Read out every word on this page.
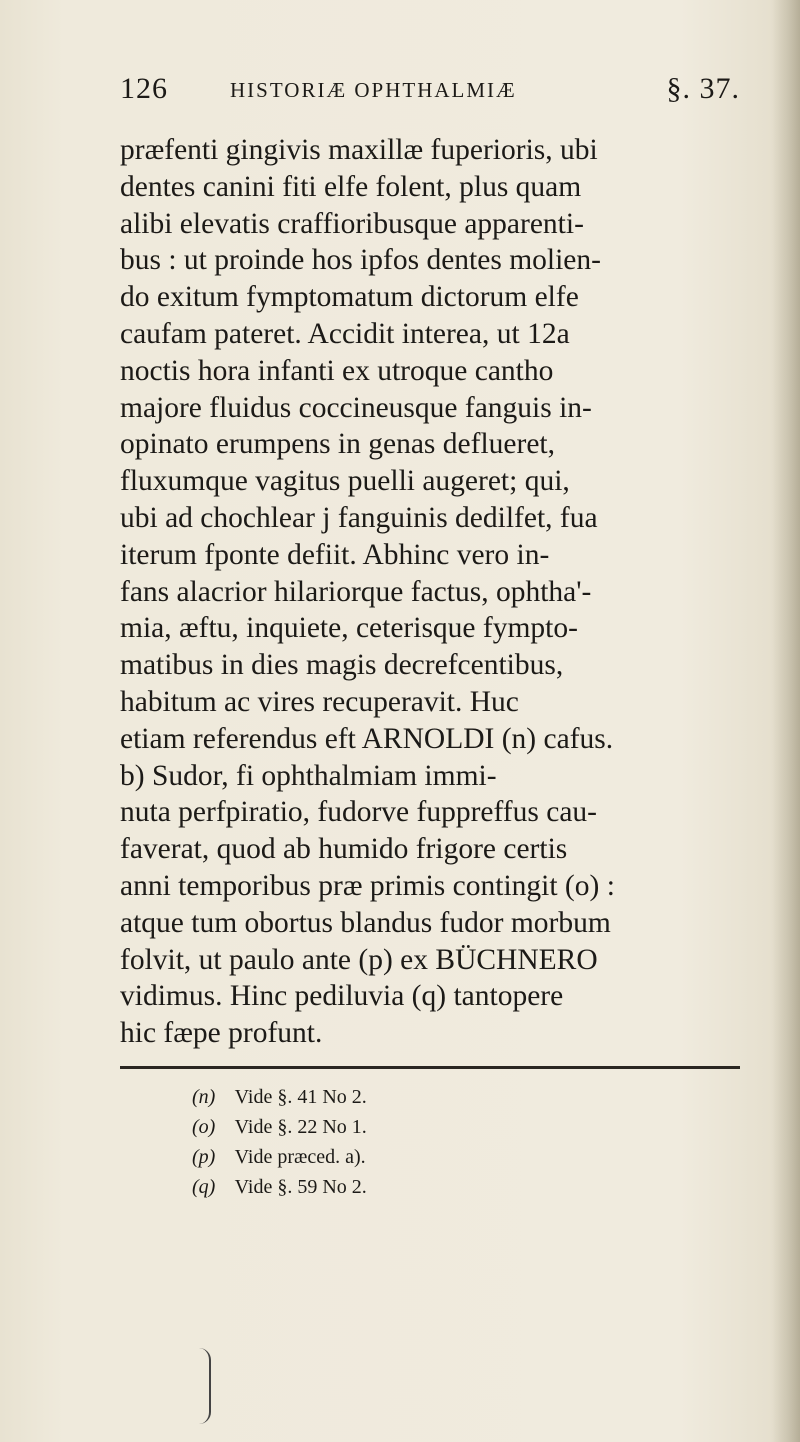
126	HISTORIÆ OPHTHALMIÆ	§. 37.
præfenti gingivis maxillæ fuperioris, ubi
dentes canini fiti elfe folent, plus quam
alibi elevatis craffioribusque apparenti-
bus : ut proinde hos ipfos dentes molien-
do exitum fymptomatum dictorum elfe
caufam pateret. Accidit interea, ut 12a
noctis hora infanti ex utroque cantho
majore fluidus coccineusque fanguis in-
opinato erumpens in genas deflueret,
fluxumque vagitus puelli augeret; qui,
ubi ad chochlear j fanguinis dedilfet, fua
iterum fponte defiit. Abhinc vero in-
fans alacrior hilariorque factus, ophtha'-
mia, æftu, inquiete, ceterisque fympto-
matibus in dies magis decrefcentibus,
habitum ac vires recuperavit. Huc
etiam referendus eft ARNOLDI (n) cafus.
b) Sudor, fi ophthalmiam immi-
nuta perfpiratio, fudorve fuppreffus cau-
faverat, quod ab humido frigore certis
anni temporibus præ primis contingit (o) :
atque tum obortus blandus fudor morbum
folvit, ut paulo ante (p) ex BÜCHNERO
vidimus. Hinc pediluvia (q) tantopere
hic fæpe profunt.
(n) Vide §. 41 No 2.
(o) Vide §. 22 No 1.
(p) Vide præced. a).
(q) Vide §. 59 No 2.
